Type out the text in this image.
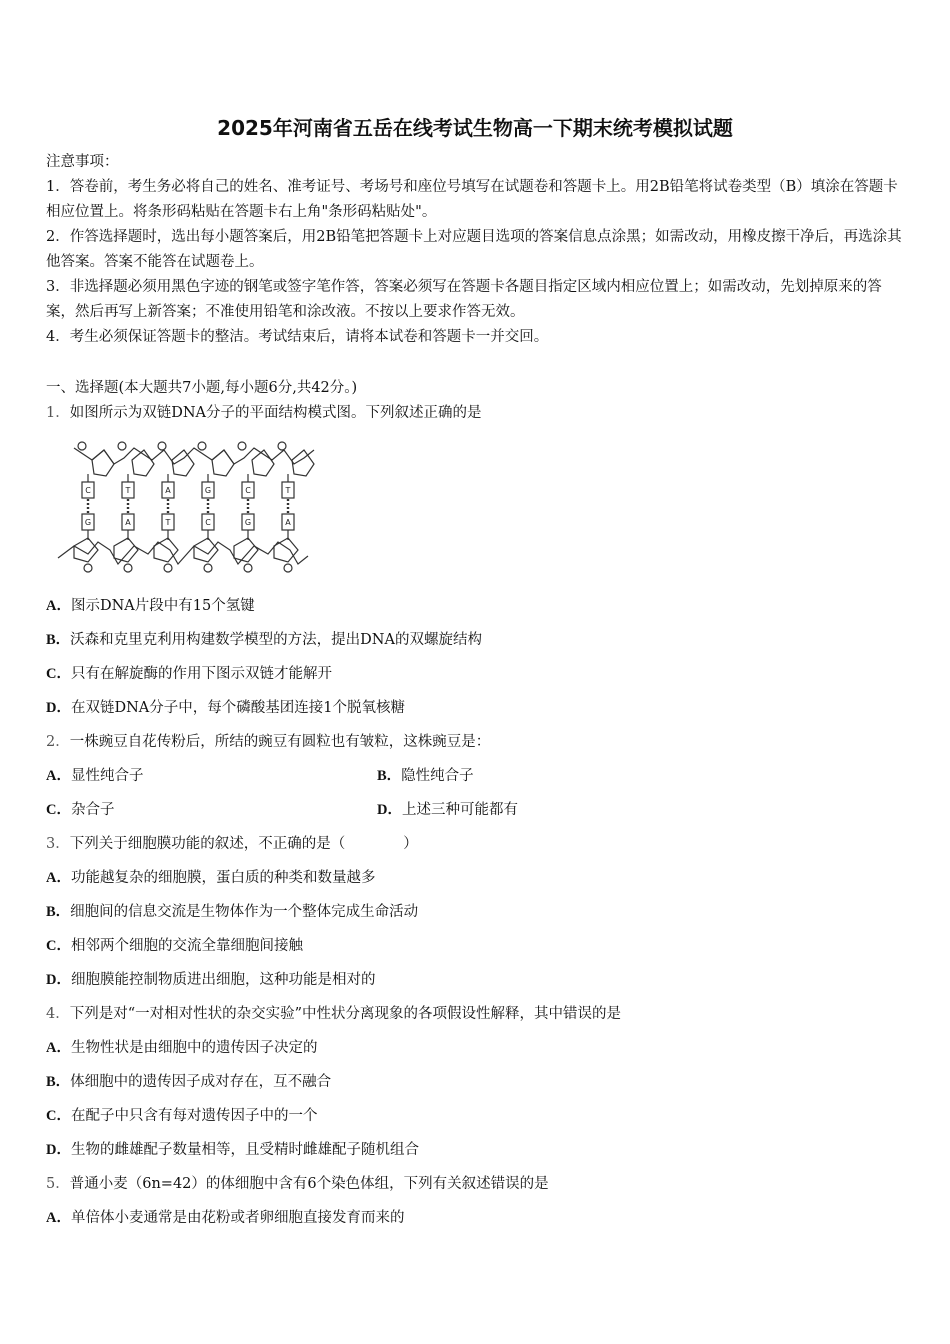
2025年河南省五岳在线考试生物高一下期末统考模拟试题

注意事项：

1．答卷前，考生务必将自己的姓名、准考证号、考场号和座位号填写在试题卷和答题卡上。用2B铅笔将试卷类型（B）填涂在答题卡相应位置上。将条形码粘贴在答题卡右上角"条形码粘贴处"。

2．作答选择题时，选出每小题答案后，用2B铅笔把答题卡上对应题目选项的答案信息点涂黑；如需改动，用橡皮擦干净后，再选涂其他答案。答案不能答在试题卷上。

3．非选择题必须用黑色字迹的钢笔或签字笔作答，答案必须写在答题卡各题目指定区域内相应位置上；如需改动，先划掉原来的答案，然后再写上新答案；不准使用铅笔和涂改液。不按以上要求作答无效。

4．考生必须保证答题卡的整洁。考试结束后，请将本试卷和答题卡一并交回。

一、选择题(本大题共7小题,每小题6分,共42分。)
1．如图所示为双链DNA分子的平面结构模式图。下列叙述正确的是
C	T	A	G	C	T
G	A	T	C	G	A
A．图示DNA片段中有15个氢键
B．沃森和克里克利用构建数学模型的方法，提出DNA的双螺旋结构
C．只有在解旋酶的作用下图示双链才能解开
D．在双链DNA分子中，每个磷酸基团连接1个脱氧核糖
2．一株豌豆自花传粉后，所结的豌豆有圆粒也有皱粒，这株豌豆是：
A．显性纯合子	B．隐性纯合子
C．杂合子	D．上述三种可能都有
3．下列关于细胞膜功能的叙述，不正确的是（　　　　）
A．功能越复杂的细胞膜，蛋白质的种类和数量越多
B．细胞间的信息交流是生物体作为一个整体完成生命活动
C．相邻两个细胞的交流全靠细胞间接触
D．细胞膜能控制物质进出细胞，这种功能是相对的
4．下列是对“一对相对性状的杂交实验”中性状分离现象的各项假设性解释，其中错误的是
A．生物性状是由细胞中的遗传因子决定的
B．体细胞中的遗传因子成对存在，互不融合
C．在配子中只含有每对遗传因子中的一个
D．生物的雌雄配子数量相等，且受精时雌雄配子随机组合
5．普通小麦（6n=42）的体细胞中含有6个染色体组，下列有关叙述错误的是
A．单倍体小麦通常是由花粉或者卵细胞直接发育而来的
